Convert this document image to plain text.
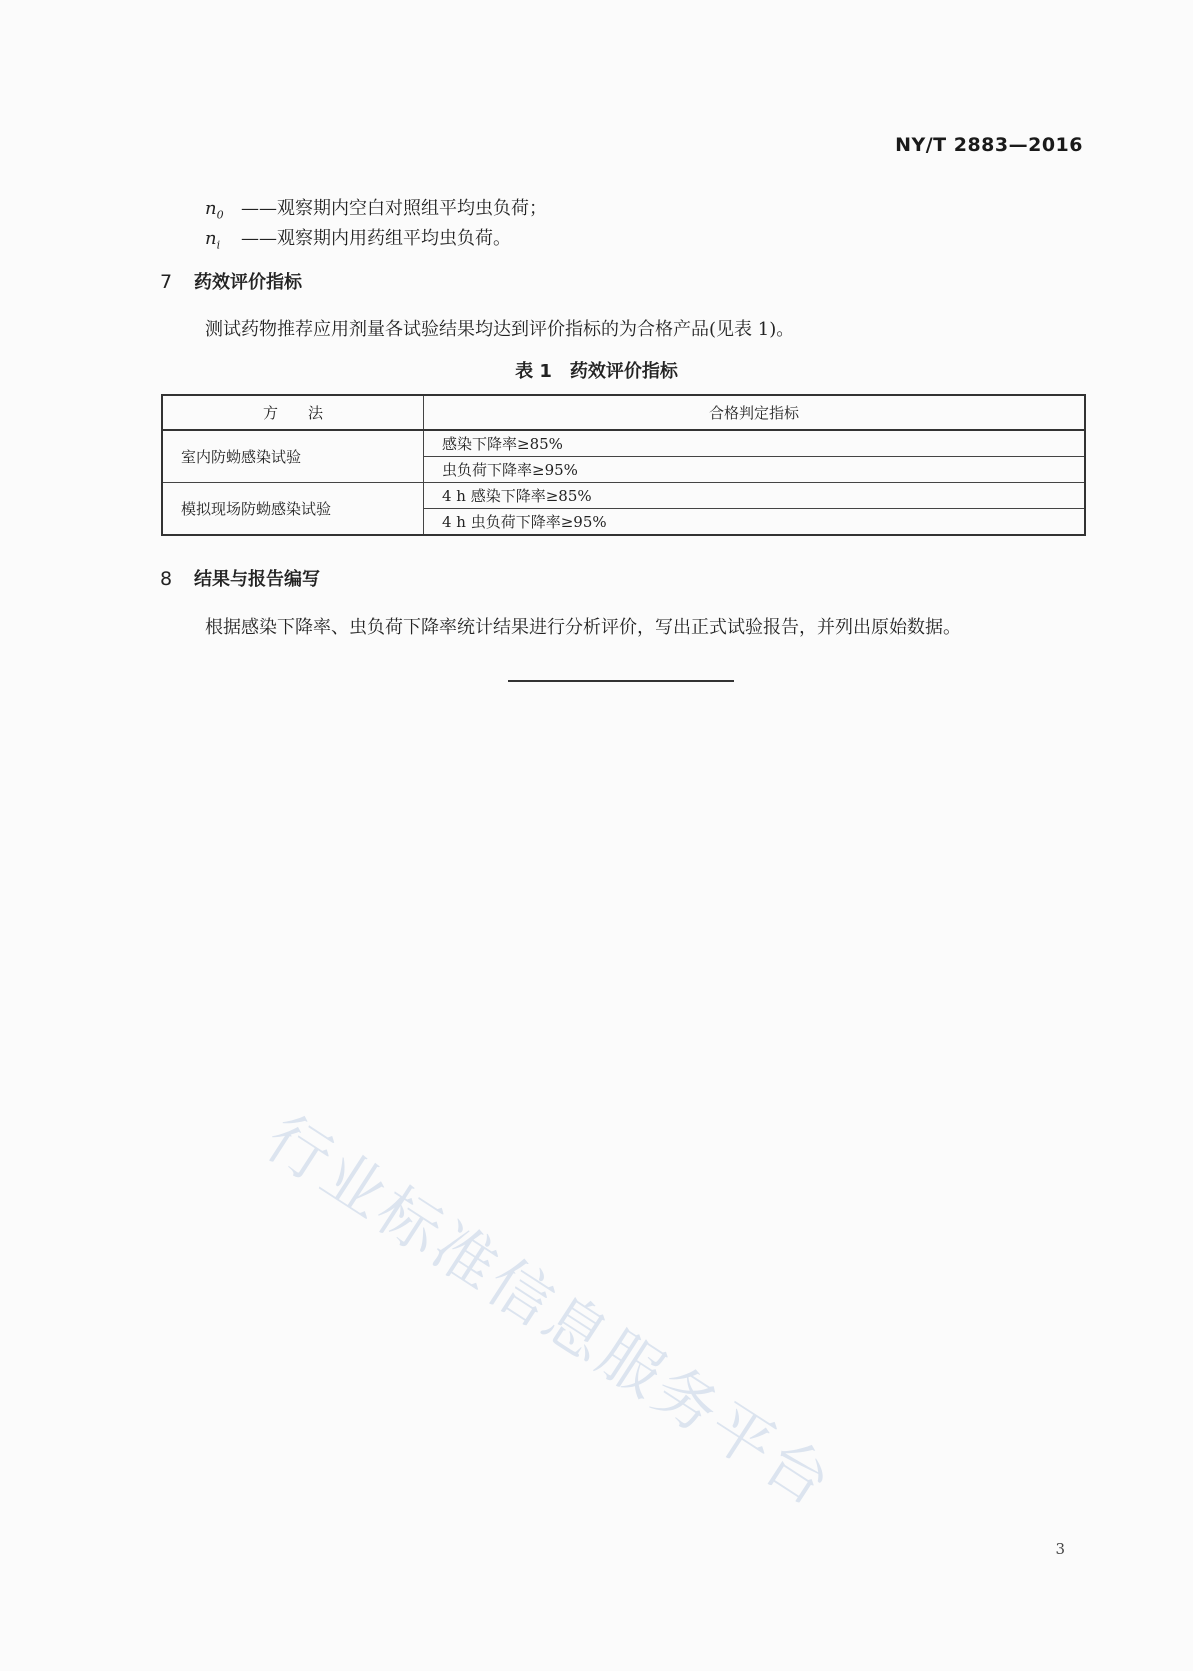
NY/T 2883—2016
$n_0$ ——观察期内空白对照组平均虫负荷；
$n_i$ ——观察期内用药组平均虫负荷。
7 药效评价指标
测试药物推荐应用剂量各试验结果均达到评价指标的为合格产品(见表 1)。
表 1　药效评价指标
方　　法	合格判定指标
室内防蚴感染试验	感染下降率≥85%
	虫负荷下降率≥95%
模拟现场防蚴感染试验	4 h 感染下降率≥85%
	4 h 虫负荷下降率≥95%
8 结果与报告编写
根据感染下降率、虫负荷下降率统计结果进行分析评价，写出正式试验报告，并列出原始数据。
行业标准信息服务平台
3
